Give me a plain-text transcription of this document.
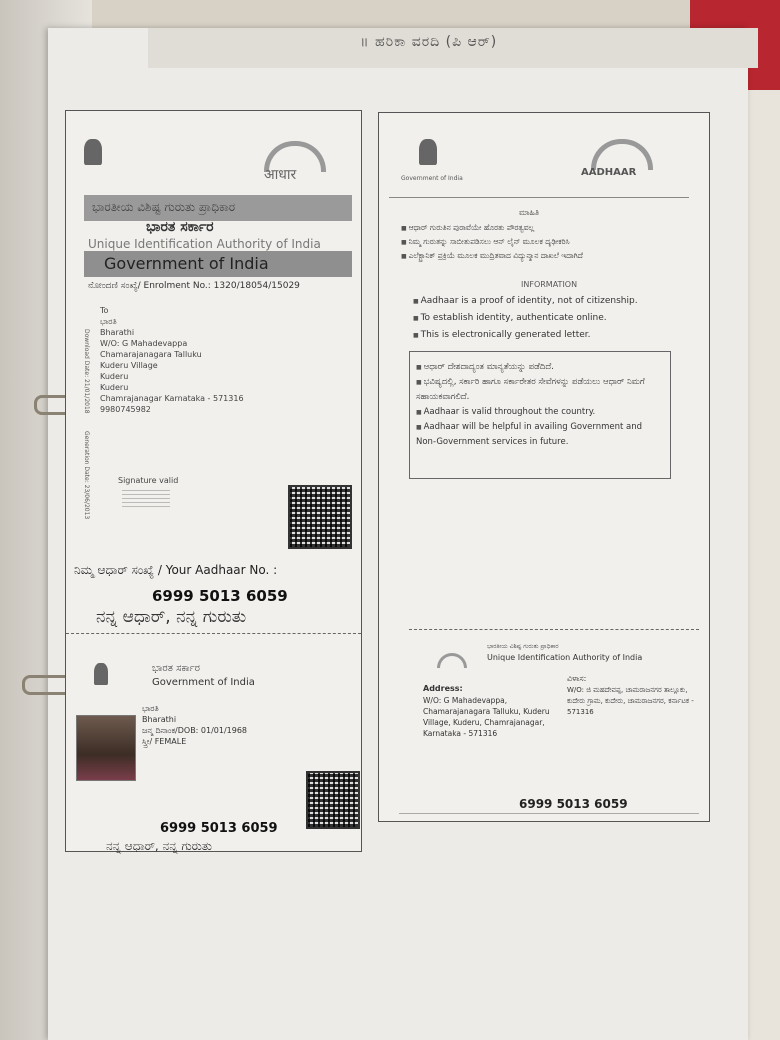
॥ ಹರಿಕಾ ವರದಿ (ಪಿ ಆರ್)
आधार
ಭಾರತೀಯ ವಿಶಿಷ್ಟ ಗುರುತು ಪ್ರಾಧಿಕಾರ
ಭಾರತ ಸರ್ಕಾರ
Unique Identification Authority of India
Government of India
ನೋಂದಣಿ ಸಂಖ್ಯೆ/ Enrolment No.: 1320/18054/15029
To
ಭಾರತಿ
Bharathi
W/O: G Mahadevappa
Chamarajanagara Talluku
Kuderu Village
Kuderu
Kuderu
Chamrajanagar Karnataka - 571316
9980745982
Download Date: 21/01/2018
Generation Date: 23/06/2013	Signature valid
ನಿಮ್ಮ ಆಧಾರ್ ಸಂಖ್ಯೆ / Your Aadhaar No. :
6999 5013 6059
ನನ್ನ ಆಧಾರ್, ನನ್ನ ಗುರುತು
ಭಾರತ ಸರ್ಕಾರ
Government of India
ಭಾರತಿ
Bharathi
ಜನ್ಮ ದಿನಾಂಕ/DOB: 01/01/1968
ಸ್ತ್ರೀ/ FEMALE
6999 5013 6059
ನನ್ನ ಆಧಾರ್, ನನ್ನ ಗುರುತು
Government of India
AADHAAR
ಮಾಹಿತಿ
■ ಆಧಾರ್ ಗುರುತಿನ ಪುರಾವೆಯೇ ಹೊರತು ಪೌರತ್ವವಲ್ಲ
■ ನಿಮ್ಮ ಗುರುತನ್ನು ಸಾಬೀತುಪಡಿಸಲು ಆನ್ ಲೈನ್ ಮೂಲಕ ದೃಢೀಕರಿಸಿ
■ ಎಲೆಕ್ಟ್ರಾನಿಕ್ ಪ್ರಕ್ರಿಯೆ ಮೂಲಕ ಮುದ್ರಿತವಾದ ವಿದ್ಯುನ್ಮಾನ ದಾಖಲೆ ಇದಾಗಿದೆ
INFORMATION
■ Aadhaar is a proof of identity, not of citizenship.
■ To establish identity, authenticate online.
■ This is electronically generated letter.
■ ಆಧಾರ್ ದೇಶದಾದ್ಯಂತ ಮಾನ್ಯತೆಯನ್ನು ಪಡೆದಿದೆ.
■ ಭವಿಷ್ಯದಲ್ಲಿ, ಸರ್ಕಾರಿ ಹಾಗೂ ಸರ್ಕಾರೇತರ ಸೇವೆಗಳನ್ನು ಪಡೆಯಲು ಆಧಾರ್ ನಿಮಗೆ ಸಹಾಯಕವಾಗಲಿದೆ.
■ Aadhaar is valid throughout the country.
■ Aadhaar will be helpful in availing Government and Non-Government services in future.
ಭಾರತೀಯ ವಿಶಿಷ್ಟ ಗುರುತು ಪ್ರಾಧಿಕಾರ
Unique Identification Authority of India
Address:
W/O: G Mahadevappa, Chamarajanagara Talluku, Kuderu Village, Kuderu, Chamrajanagar, Karnataka - 571316
ವಿಳಾಸ:
W/O: ಜಿ ಮಹದೇವಪ್ಪ, ಚಾಮರಾಜನಗರ ತಾಲ್ಲೂಕು, ಕುದೇರು ಗ್ರಾಮ, ಕುದೇರು, ಚಾಮರಾಜನಗರ, ಕರ್ನಾಟಕ - 571316
6999 5013 6059
